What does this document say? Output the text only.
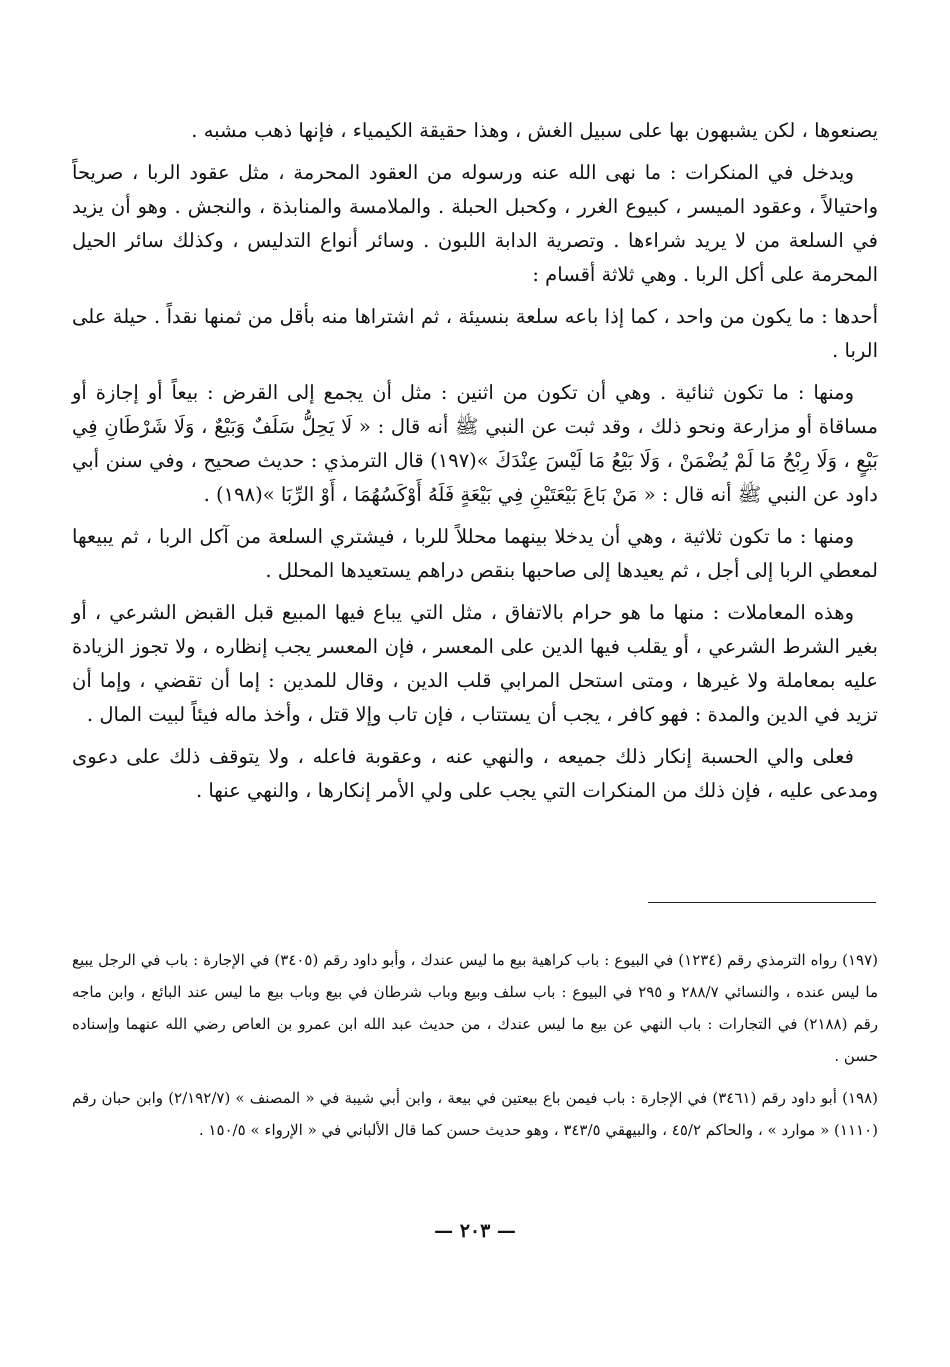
يصنعوها ، لكن يشبهون بها على سبيل الغش ، وهذا حقيقة الكيمياء ، فإنها ذهب مشبه .

ويدخل في المنكرات : ما نهى الله عنه ورسوله من العقود المحرمة ، مثل عقود الربا ، صريحاً واحتيالاً ، وعقود الميسر ، كبيوع الغرر ، وكحبل الحبلة . والملامسة والمنابذة ، والنجش . وهو أن يزيد في السلعة من لا يريد شراءها . وتصرية الدابة اللبون . وسائر أنواع التدليس ، وكذلك سائر الحيل المحرمة على أكل الربا . وهي ثلاثة أقسام :

أحدها : ما يكون من واحد ، كما إذا باعه سلعة بنسيئة ، ثم اشتراها منه بأقل من ثمنها نقداً . حيلة على الربا .

ومنها : ما تكون ثنائية . وهي أن تكون من اثنين : مثل أن يجمع إلى القرض : بيعاً أو إجازة أو مساقاة أو مزارعة ونحو ذلك ، وقد ثبت عن النبي ﷺ أنه قال : « لَا يَحِلُّ سَلَفٌ وَبَيْعٌ ، وَلَا شَرْطَانِ فِي بَيْعٍ ، وَلَا رِبْحُ مَا لَمْ يُضْمَنْ ، وَلَا بَيْعُ مَا لَيْسَ عِنْدَكَ »(١٩٧) قال الترمذي : حديث صحيح ، وفي سنن أبي داود عن النبي ﷺ أنه قال : « مَنْ بَاعَ بَيْعَتَيْنِ فِي بَيْعَةٍ فَلَهُ أَوْكَسُهُمَا ، أَوْ الرِّبَا »(١٩٨) .

ومنها : ما تكون ثلاثية ، وهي أن يدخلا بينهما محللاً للربا ، فيشتري السلعة من آكل الربا ، ثم يبيعها لمعطي الربا إلى أجل ، ثم يعيدها إلى صاحبها بنقص دراهم يستعيدها المحلل .

وهذه المعاملات : منها ما هو حرام بالاتفاق ، مثل التي يباع فيها المبيع قبل القبض الشرعي ، أو بغير الشرط الشرعي ، أو يقلب فيها الدين على المعسر ، فإن المعسر يجب إنظاره ، ولا تجوز الزيادة عليه بمعاملة ولا غيرها ، ومتى استحل المرابي قلب الدين ، وقال للمدين : إما أن تقضي ، وإما أن تزيد في الدين والمدة : فهو كافر ، يجب أن يستتاب ، فإن تاب وإلا قتل ، وأخذ ماله فيئاً لبيت المال .

فعلى والي الحسبة إنكار ذلك جميعه ، والنهي عنه ، وعقوبة فاعله ، ولا يتوقف ذلك على دعوى ومدعى عليه ، فإن ذلك من المنكرات التي يجب على ولي الأمر إنكارها ، والنهي عنها .

(١٩٧) رواه الترمذي رقم (١٢٣٤) في البيوع : باب كراهية بيع ما ليس عندك ، وأبو داود رقم (٣٤٠٥) في الإجارة : باب في الرجل يبيع ما ليس عنده ، والنسائي ٢٨٨/٧ و ٢٩٥ في البيوع : باب سلف وبيع وباب شرطان في بيع وباب بيع ما ليس عند البائع ، وابن ماجه رقم (٢١٨٨) في التجارات : باب النهي عن بيع ما ليس عندك ، من حديث عبد الله ابن عمرو بن العاص رضي الله عنهما وإسناده حسن .

(١٩٨) أبو داود رقم (٣٤٦١) في الإجارة : باب فيمن باع بيعتين في بيعة ، وابن أبي شيبة في « المصنف » (٢/١٩٢/٧) وابن حبان رقم (١١١٠) « موارد » ، والحاكم ٤٥/٢ ، والبيهقي ٣٤٣/٥ ، وهو حديث حسن كما قال الألباني في « الإرواء » ١٥٠/٥ .

— ٢٠٣ —
